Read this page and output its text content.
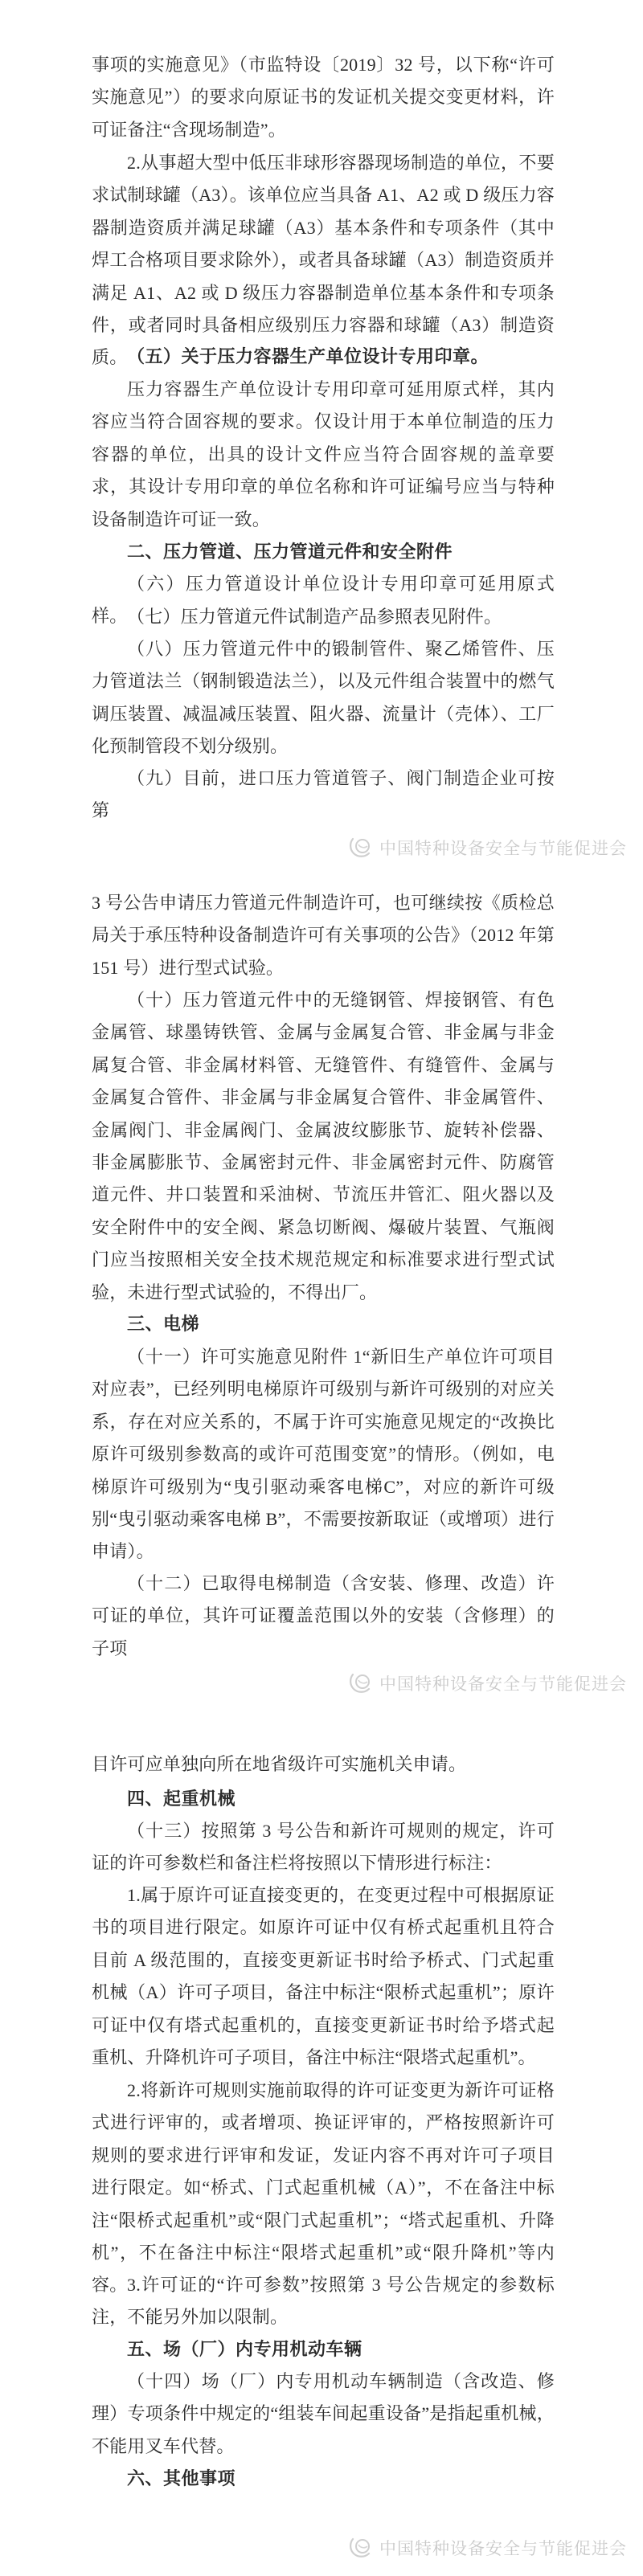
事项的实施意见》（市监特设〔2019〕32 号，以下称“许可实施意见”）的要求向原证书的发证机关提交变更材料，许可证备注“含现场制造”。

2.从事超大型中低压非球形容器现场制造的单位，不要求试制球罐（A3）。该单位应当具备 A1、A2 或 D 级压力容器制造资质并满足球罐（A3）基本条件和专项条件（其中焊工合格项目要求除外），或者具备球罐（A3）制造资质并满足 A1、A2 或 D 级压力容器制造单位基本条件和专项条件，或者同时具备相应级别压力容器和球罐（A3）制造资质。 （五）关于压力容器生产单位设计专用印章。

压力容器生产单位设计专用印章可延用原式样，其内容应当符合固容规的要求。仅设计用于本单位制造的压力容器的单位，出具的设计文件应当符合固容规的盖章要求，其设计专用印章的单位名称和许可证编号应当与特种设备制造许可证一致。

二、压力管道、压力管道元件和安全附件

（六）压力管道设计单位设计专用印章可延用原式样。 （七）压力管道元件试制造产品参照表见附件。

（八）压力管道元件中的锻制管件、聚乙烯管件、压力管道法兰（钢制锻造法兰），以及元件组合装置中的燃气调压装置、减温减压装置、阻火器、流量计（壳体）、工厂化预制管段不划分级别。

（九）目前，进口压力管道管子、阀门制造企业可按第

中国特种设备安全与节能促进会

3 号公告申请压力管道元件制造许可，也可继续按《质检总局关于承压特种设备制造许可有关事项的公告》（2012 年第 151 号）进行型式试验。

（十）压力管道元件中的无缝钢管、焊接钢管、有色金属管、球墨铸铁管、金属与金属复合管、非金属与非金属复合管、非金属材料管、无缝管件、有缝管件、金属与金属复合管件、非金属与非金属复合管件、非金属管件、金属阀门、非金属阀门、金属波纹膨胀节、旋转补偿器、非金属膨胀节、金属密封元件、非金属密封元件、防腐管道元件、井口装置和采油树、节流压井管汇、阻火器以及安全附件中的安全阀、紧急切断阀、爆破片装置、气瓶阀门应当按照相关安全技术规范规定和标准要求进行型式试验，未进行型式试验的，不得出厂。

三、电梯

（十一）许可实施意见附件 1“新旧生产单位许可项目对应表”，已经列明电梯原许可级别与新许可级别的对应关系，存在对应关系的，不属于许可实施意见规定的“改换比原许可级别参数高的或许可范围变宽”的情形。（例如，电梯原许可级别为“曳引驱动乘客电梯C”，对应的新许可级别“曳引驱动乘客电梯 B”，不需要按新取证（或增项）进行申请）。

（十二）已取得电梯制造（含安装、修理、改造）许可证的单位，其许可证覆盖范围以外的安装（含修理）的子项

中国特种设备安全与节能促进会

目许可应单独向所在地省级许可实施机关申请。

四、起重机械

（十三）按照第 3 号公告和新许可规则的规定，许可证的许可参数栏和备注栏将按照以下情形进行标注：

1.属于原许可证直接变更的，在变更过程中可根据原证书的项目进行限定。如原许可证中仅有桥式起重机且符合目前 A 级范围的，直接变更新证书时给予桥式、门式起重机械（A）许可子项目，备注中标注“限桥式起重机”；原许可证中仅有塔式起重机的，直接变更新证书时给予塔式起重机、升降机许可子项目，备注中标注“限塔式起重机”。

2.将新许可规则实施前取得的许可证变更为新许可证格式进行评审的，或者增项、换证评审的，严格按照新许可规则的要求进行评审和发证，发证内容不再对许可子项目进行限定。如“桥式、门式起重机械（A）”，不在备注中标注“限桥式起重机”或“限门式起重机”；“塔式起重机、升降机”，不在备注中标注“限塔式起重机”或“限升降机”等内容。 3.许可证的“许可参数”按照第 3 号公告规定的参数标注，不能另外加以限制。

五、场（厂）内专用机动车辆

（十四）场（厂）内专用机动车辆制造（含改造、修理）专项条件中规定的“组装车间起重设备”是指起重机械，不能用叉车代替。

六、其他事项

中国特种设备安全与节能促进会
